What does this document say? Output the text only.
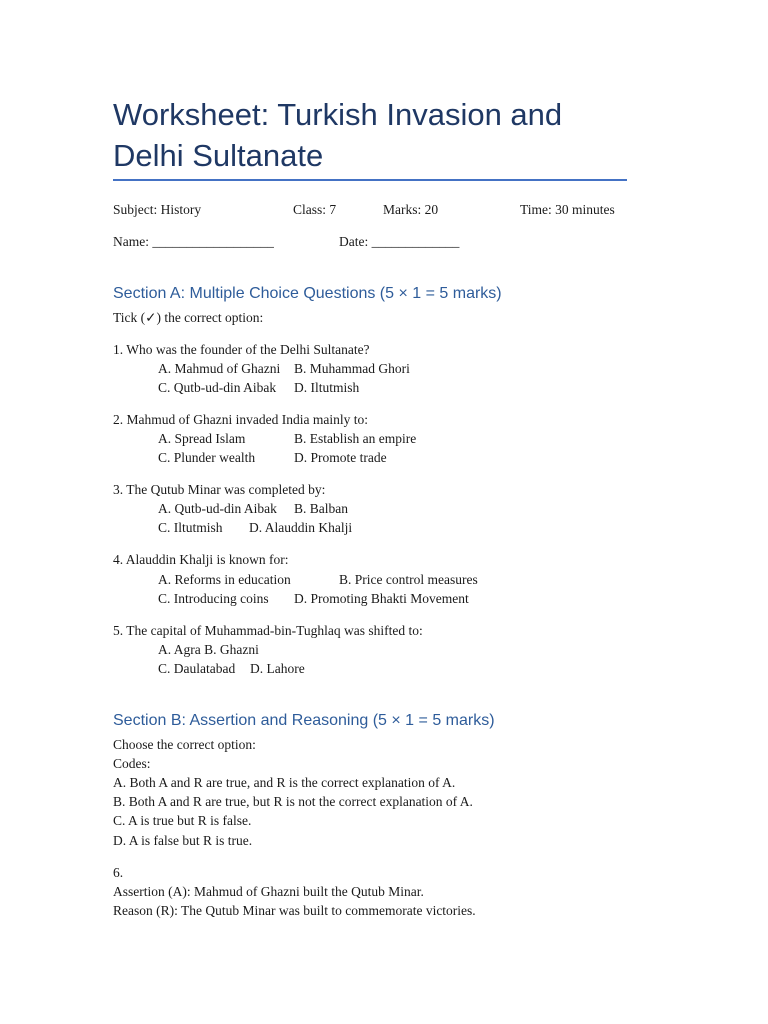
Worksheet: Turkish Invasion and Delhi Sultanate
Subject: History	Class: 7	Marks: 20	Time: 30 minutes
Name: __________________	Date: _____________
Section A: Multiple Choice Questions (5 × 1 = 5 marks)
Tick (✓) the correct option:
1. Who was the founder of the Delhi Sultanate?
A. Mahmud of Ghazni B. Muhammad Ghori
C. Qutb-ud-din Aibak D. Iltutmish
2. Mahmud of Ghazni invaded India mainly to:
A. Spread Islam	B. Establish an empire
C. Plunder wealth	D. Promote trade
3. The Qutub Minar was completed by:
A. Qutb-ud-din Aibak B. Balban
C. Iltutmish D. Alauddin Khalji
4. Alauddin Khalji is known for:
A. Reforms in education	B. Price control measures
C. Introducing coins D. Promoting Bhakti Movement
5. The capital of Muhammad-bin-Tughlaq was shifted to:
A. Agra B. Ghazni
C. Daulatabad D. Lahore
Section B: Assertion and Reasoning (5 × 1 = 5 marks)
Choose the correct option:
Codes:
A. Both A and R are true, and R is the correct explanation of A.
B. Both A and R are true, but R is not the correct explanation of A.
C. A is true but R is false.
D. A is false but R is true.
6.
Assertion (A): Mahmud of Ghazni built the Qutub Minar.
Reason (R): The Qutub Minar was built to commemorate victories.
